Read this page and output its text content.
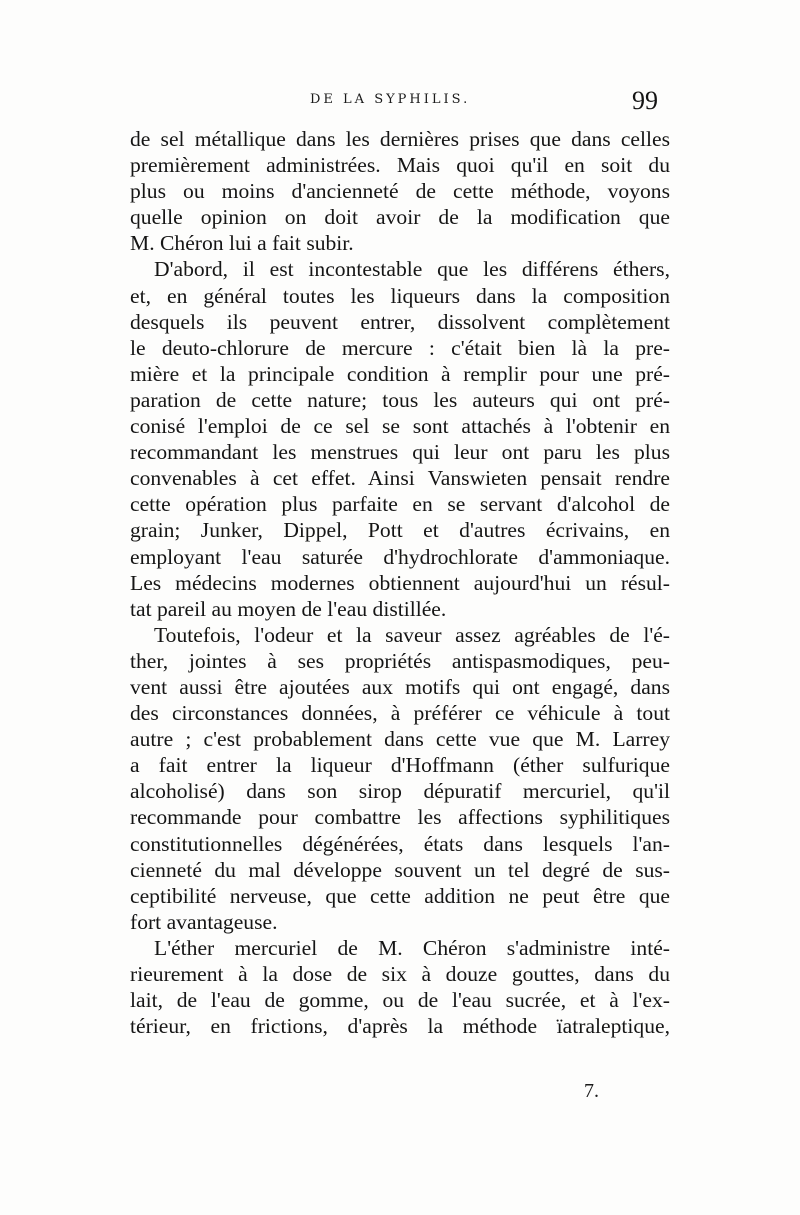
DE LA SYPHILIS.	99
de sel métallique dans les dernières prises que dans celles
premièrement administrées. Mais quoi qu'il en soit du
plus ou moins d'ancienneté de cette méthode, voyons
quelle opinion on doit avoir de la modification que
M. Chéron lui a fait subir.
D'abord, il est incontestable que les différens éthers,
et, en général toutes les liqueurs dans la composition
desquels ils peuvent entrer, dissolvent complètement
le deuto-chlorure de mercure : c'était bien là la pre-
mière et la principale condition à remplir pour une pré-
paration de cette nature; tous les auteurs qui ont pré-
conisé l'emploi de ce sel se sont attachés à l'obtenir en
recommandant les menstrues qui leur ont paru les plus
convenables à cet effet. Ainsi Vanswieten pensait rendre
cette opération plus parfaite en se servant d'alcohol de
grain; Junker, Dippel, Pott et d'autres écrivains, en
employant l'eau saturée d'hydrochlorate d'ammoniaque.
Les médecins modernes obtiennent aujourd'hui un résul-
tat pareil au moyen de l'eau distillée.
Toutefois, l'odeur et la saveur assez agréables de l'é-
ther, jointes à ses propriétés antispasmodiques, peu-
vent aussi être ajoutées aux motifs qui ont engagé, dans
des circonstances données, à préférer ce véhicule à tout
autre ; c'est probablement dans cette vue que M. Larrey
a fait entrer la liqueur d'Hoffmann (éther sulfurique
alcoholisé) dans son sirop dépuratif mercuriel, qu'il
recommande pour combattre les affections syphilitiques
constitutionnelles dégénérées, états dans lesquels l'an-
cienneté du mal développe souvent un tel degré de sus-
ceptibilité nerveuse, que cette addition ne peut être que
fort avantageuse.
L'éther mercuriel de M. Chéron s'administre inté-
rieurement à la dose de six à douze gouttes, dans du
lait, de l'eau de gomme, ou de l'eau sucrée, et à l'ex-
térieur, en frictions, d'après la méthode ïatraleptique,
7.
